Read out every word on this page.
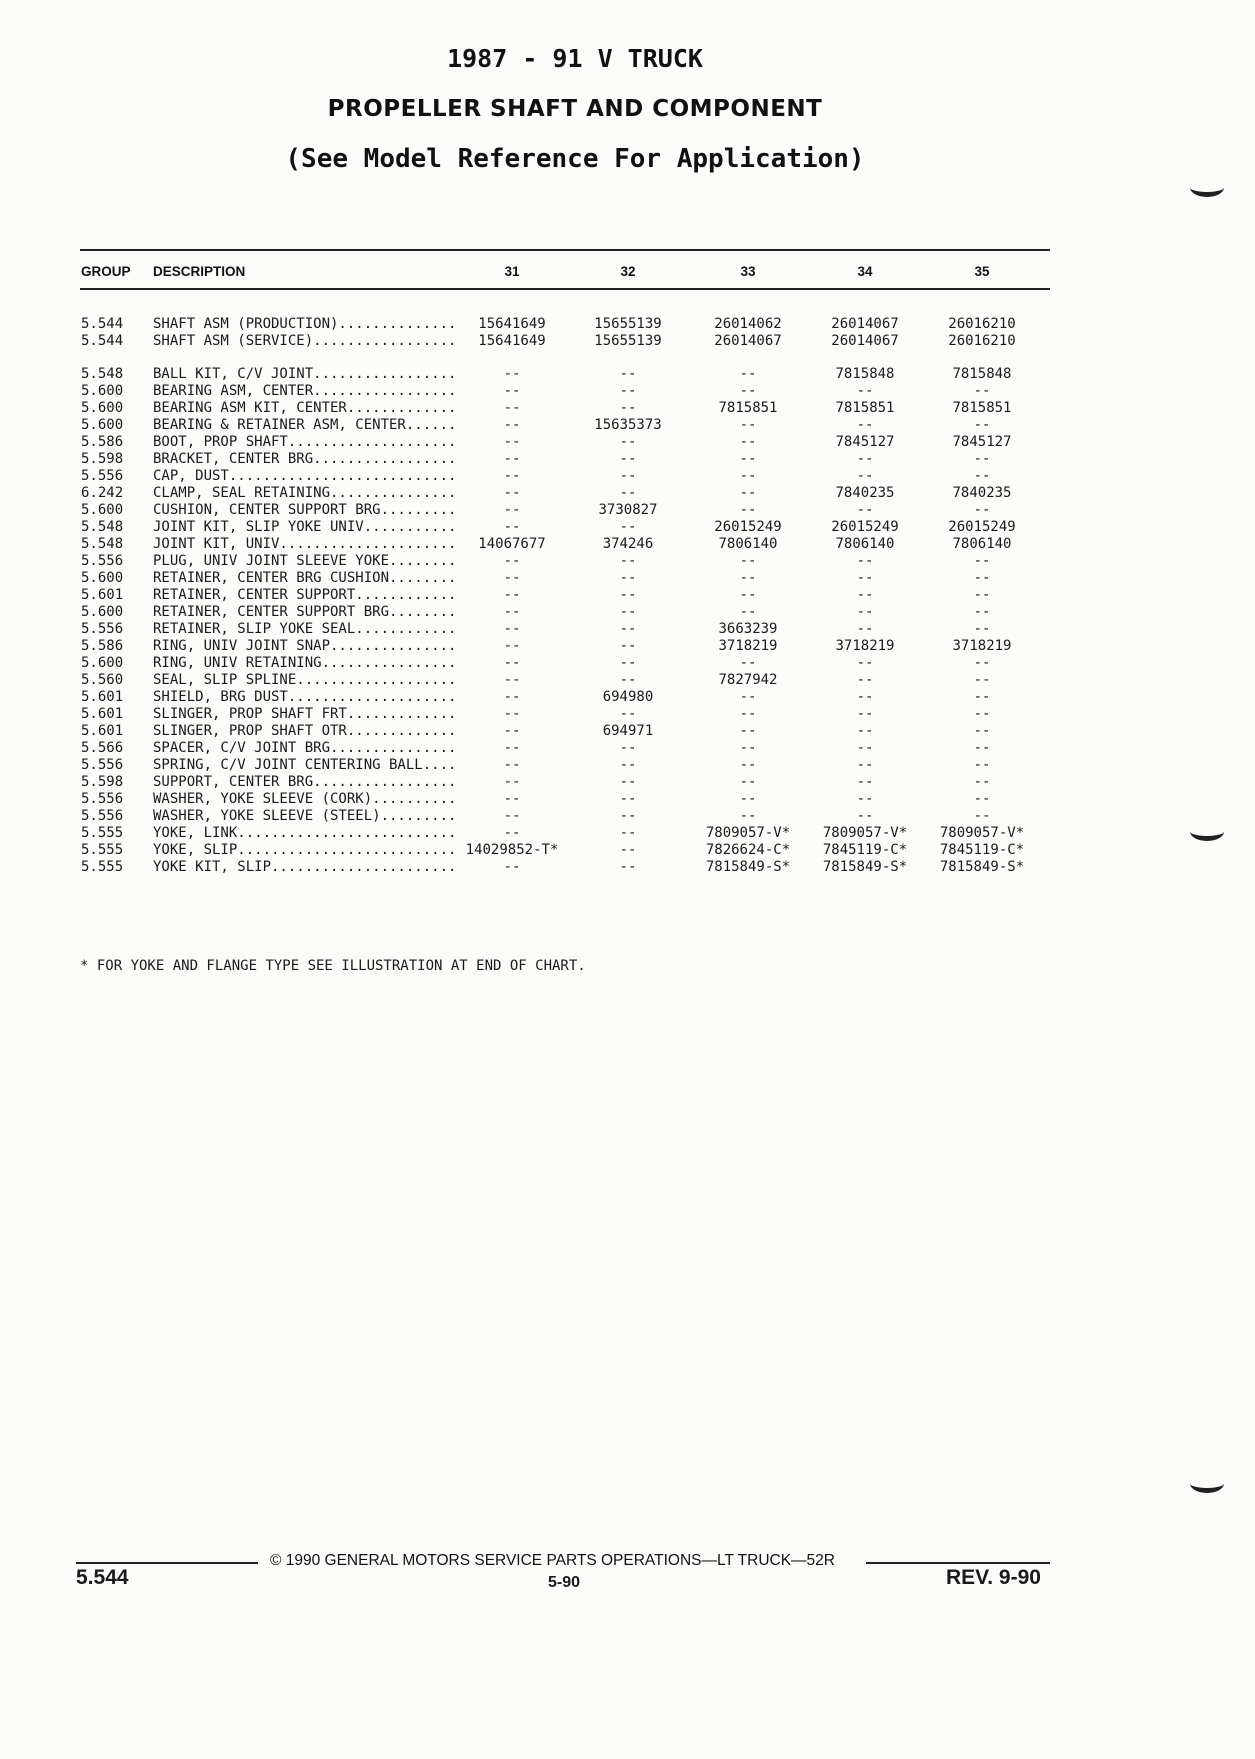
1987 - 91 V TRUCK
PROPELLER SHAFT AND COMPONENT
(See Model Reference For Application)
GROUP DESCRIPTION	31	32	33	34	35
5.544 SHAFT ASM (PRODUCTION)..............	15641649	15655139	26014062	26014067	26016210
5.544 SHAFT ASM (SERVICE).................	15641649	15655139	26014067	26014067	26016210
5.548 BALL KIT, C/V JOINT.................	--	--	--	7815848	7815848
5.600 BEARING ASM, CENTER.................	--	--	--	--	--
5.600 BEARING ASM KIT, CENTER.............	--	--	7815851	7815851	7815851
5.600 BEARING & RETAINER ASM, CENTER......	--	15635373	--	--	--
5.586 BOOT, PROP SHAFT....................	--	--	--	7845127	7845127
5.598 BRACKET, CENTER BRG.................	--	--	--	--	--
5.556 CAP, DUST...........................	--	--	--	--	--
6.242 CLAMP, SEAL RETAINING...............	--	--	--	7840235	7840235
5.600 CUSHION, CENTER SUPPORT BRG.........	--	3730827	--	--	--
5.548 JOINT KIT, SLIP YOKE UNIV...........	--	--	26015249	26015249	26015249
5.548 JOINT KIT, UNIV.....................	14067677	374246	7806140	7806140	7806140
5.556 PLUG, UNIV JOINT SLEEVE YOKE........	--	--	--	--	--
5.600 RETAINER, CENTER BRG CUSHION........	--	--	--	--	--
5.601 RETAINER, CENTER SUPPORT............	--	--	--	--	--
5.600 RETAINER, CENTER SUPPORT BRG........	--	--	--	--	--
5.556 RETAINER, SLIP YOKE SEAL............	--	--	3663239	--	--
5.586 RING, UNIV JOINT SNAP...............	--	--	3718219	3718219	3718219
5.600 RING, UNIV RETAINING................	--	--	--	--	--
5.560 SEAL, SLIP SPLINE...................	--	--	7827942	--	--
5.601 SHIELD, BRG DUST....................	--	694980	--	--	--
5.601 SLINGER, PROP SHAFT FRT.............	--	--	--	--	--
5.601 SLINGER, PROP SHAFT OTR.............	--	694971	--	--	--
5.566 SPACER, C/V JOINT BRG...............	--	--	--	--	--
5.556 SPRING, C/V JOINT CENTERING BALL....	--	--	--	--	--
5.598 SUPPORT, CENTER BRG.................	--	--	--	--	--
5.556 WASHER, YOKE SLEEVE (CORK)..........	--	--	--	--	--
5.556 WASHER, YOKE SLEEVE (STEEL).........	--	--	--	--	--
5.555 YOKE, LINK..........................	--	--	7809057-V*	7809057-V*	7809057-V*
5.555 YOKE, SLIP.......................... 14029852-T*	--	7826624-C*	7845119-C*	7845119-C*
5.555 YOKE KIT, SLIP......................	--	--	7815849-S*	7815849-S*	7815849-S*
* FOR YOKE AND FLANGE TYPE SEE ILLUSTRATION AT END OF CHART.
© 1990 GENERAL MOTORS SERVICE PARTS OPERATIONS—LT TRUCK—52R
5.544	5-90	REV. 9-90
